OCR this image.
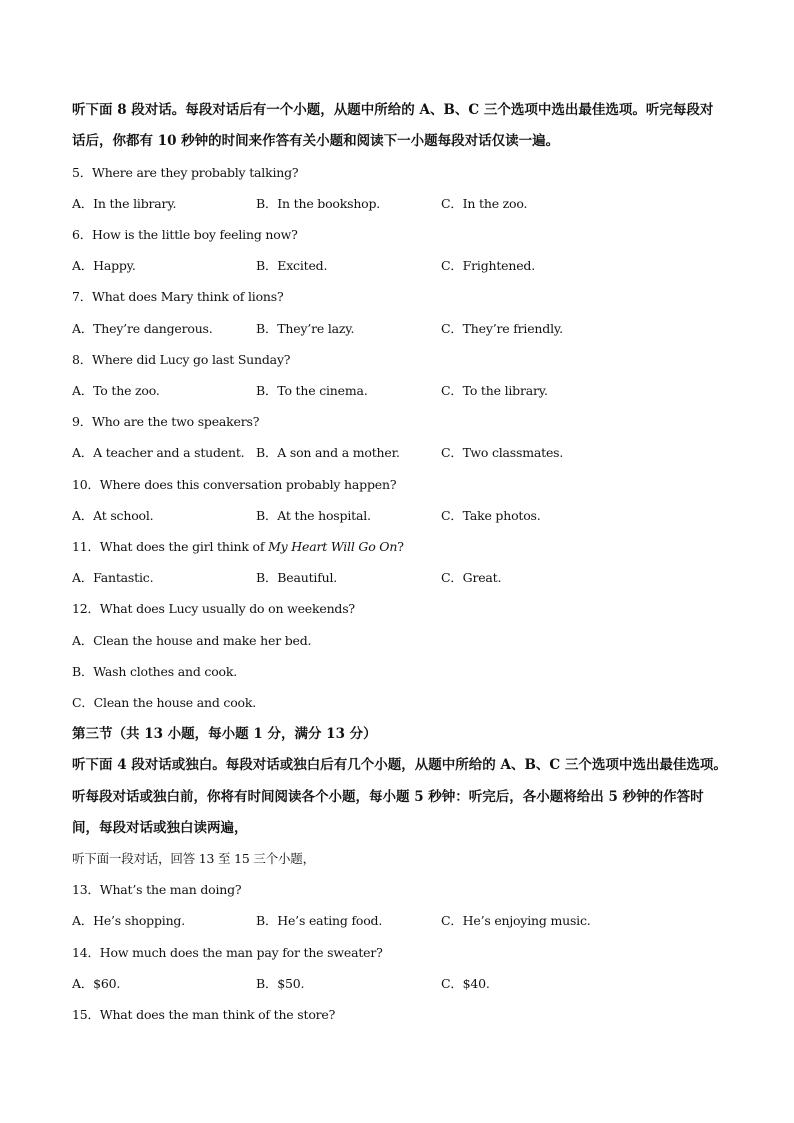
听下面 8 段对话。每段对话后有一个小题，从题中所给的 A、B、C 三个选项中选出最佳选项。听完每段对
话后，你都有 10 秒钟的时间来作答有关小题和阅读下一小题每段对话仅读一遍。
5．Where are they probably talking?
A．In the library.	B．In the bookshop.	C．In the zoo.
6．How is the little boy feeling now?
A．Happy.	B．Excited.	C．Frightened.
7．What does Mary think of lions?
A．They’re dangerous.	B．They’re lazy.	C．They’re friendly.
8．Where did Lucy go last Sunday?
A．To the zoo.	B．To the cinema.	C．To the library.
9．Who are the two speakers?
A．A teacher and a student. B．A son and a mother.	C．Two classmates.
10．Where does this conversation probably happen?
A．At school.	B．At the hospital.	C．Take photos.
11．What does the girl think of My Heart Will Go On?
A．Fantastic.	B．Beautiful.	C．Great.
12．What does Lucy usually do on weekends?
A．Clean the house and make her bed.
B．Wash clothes and cook.
C．Clean the house and cook.
第三节（共 13 小题，每小题 1 分，满分 13 分）
听下面 4 段对话或独白。每段对话或独白后有几个小题，从题中所给的 A、B、C 三个选项中选出最佳选项。
听每段对话或独白前，你将有时间阅读各个小题，每小题 5 秒钟：听完后，各小题将给出 5 秒钟的作答时
间，每段对话或独白读两遍，
听下面一段对话，回答 13 至 15 三个小题，
13．What’s the man doing?
A．He’s shopping.	B．He’s eating food.	C．He’s enjoying music.
14．How much does the man pay for the sweater?
A．$60.	B．$50.	C．$40.
15．What does the man think of the store?
